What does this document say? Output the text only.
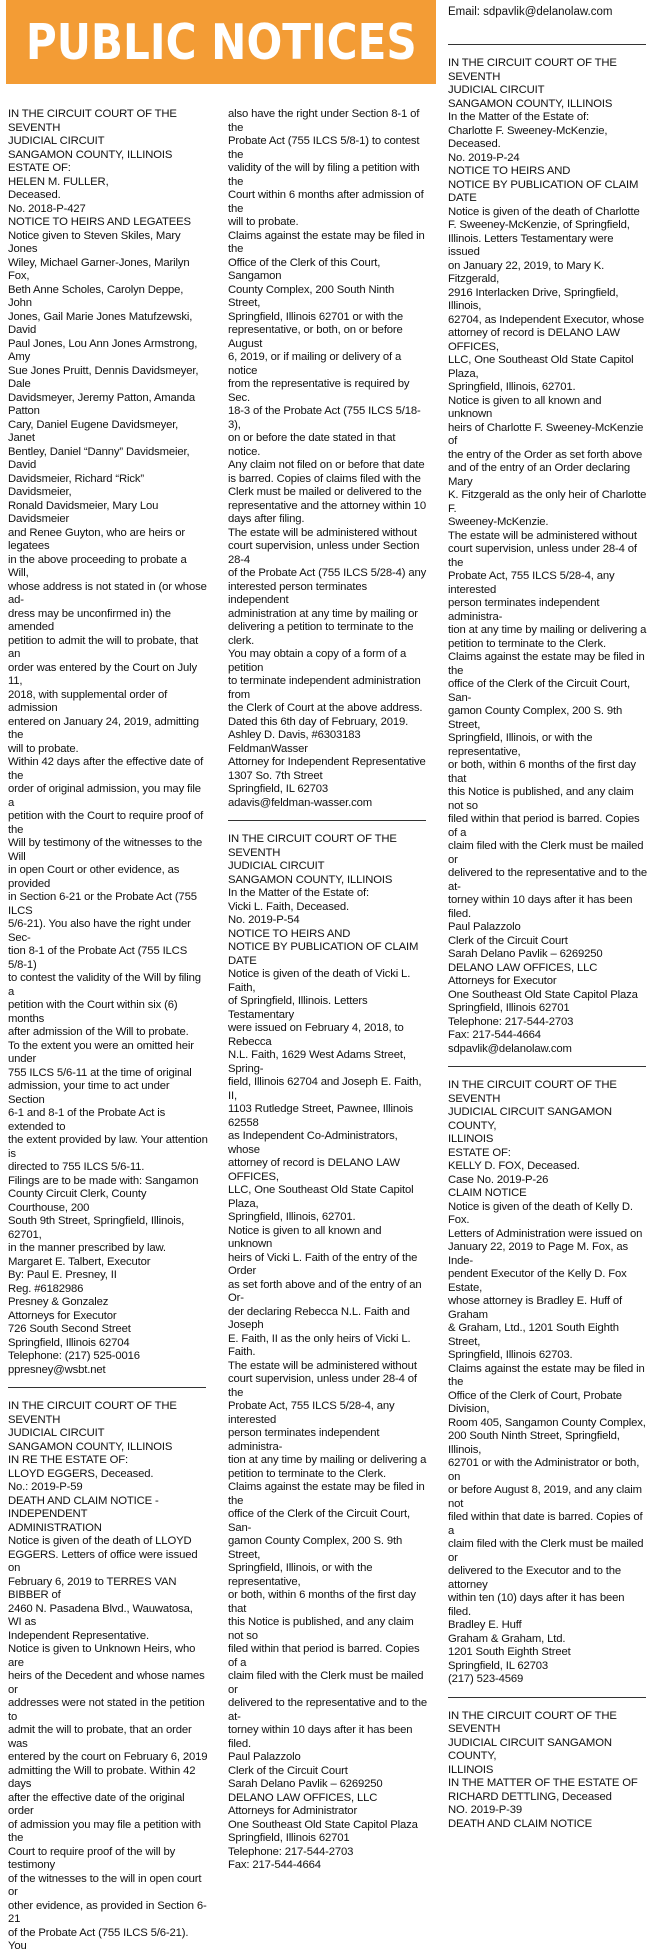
PUBLIC NOTICES
Email: sdpavlik@delanolaw.com

IN THE CIRCUIT COURT OF THE SEVENTH

JUDICIAL CIRCUIT

SANGAMON COUNTY, ILLINOIS

ESTATE OF:

HELEN M. FULLER,

Deceased.

No. 2018-P-427

NOTICE TO HEIRS AND LEGATEES

Notice given to Steven Skiles, Mary Jones

Wiley, Michael Garner-Jones, Marilyn Fox,

Beth Anne Scholes, Carolyn Deppe, John

Jones, Gail Marie Jones Matufzewski, David

Paul Jones, Lou Ann Jones Armstrong, Amy

Sue Jones Pruitt, Dennis Davidsmeyer, Dale

Davidsmeyer, Jeremy Patton, Amanda Patton

Cary, Daniel Eugene Davidsmeyer, Janet

Bentley, Daniel “Danny” Davidsmeier, David

Davidsmeier, Richard “Rick” Davidsmeier,

Ronald Davidsmeier, Mary Lou Davidsmeier

and Renee Guyton, who are heirs or legatees

in the above proceeding to probate a Will,

whose address is not stated in (or whose ad-

dress may be unconfirmed in) the amended

petition to admit the will to probate, that an

order was entered by the Court on July 11,

2018, with supplemental order of admission

entered on January 24, 2019, admitting the

will to probate.

Within 42 days after the effective date of the

order of original admission, you may file a

petition with the Court to require proof of the

Will by testimony of the witnesses to the Will

in open Court or other evidence, as provided

in Section 6-21 or the Probate Act (755 ILCS

5/6-21). You also have the right under Sec-

tion 8-1 of the Probate Act (755 ILCS 5/8-1)

to contest the validity of the Will by filing a

petition with the Court within six (6) months

after admission of the Will to probate.

To the extent you were an omitted heir under

755 ILCS 5/6-11 at the time of original

admission, your time to act under Section

6-1 and 8-1 of the Probate Act is extended to

the extent provided by law. Your attention is

directed to 755 ILCS 5/6-11.

Filings are to be made with: Sangamon

County Circuit Clerk, County Courthouse, 200

South 9th Street, Springfield, Illinois, 62701,

in the manner prescribed by law.

Margaret E. Talbert, Executor

By: Paul E. Presney, II

Reg. #6182986

Presney & Gonzalez

Attorneys for Executor

726 South Second Street

Springfield, Illinois 62704

Telephone: (217) 525-0016

ppresney@wsbt.net

IN THE CIRCUIT COURT OF THE SEVENTH

JUDICIAL CIRCUIT

SANGAMON COUNTY, ILLINOIS

IN RE THE ESTATE OF:

LLOYD EGGERS, Deceased.

No.: 2019-P-59

DEATH AND CLAIM NOTICE - INDEPENDENT

ADMINISTRATION

Notice is given of the death of LLOYD

EGGERS. Letters of office were issued on

February 6, 2019 to TERRES VAN BIBBER of

2460 N. Pasadena Blvd., Wauwatosa, WI as

Independent Representative.

Notice is given to Unknown Heirs, who are

heirs of the Decedent and whose names or

addresses were not stated in the petition to

admit the will to probate, that an order was

entered by the court on February 6, 2019

admitting the Will to probate. Within 42 days

after the effective date of the original order

of admission you may file a petition with the

Court to require proof of the will by testimony

of the witnesses to the will in open court or

other evidence, as provided in Section 6-21

of the Probate Act (755 ILCS 5/6-21). You

also have the right under Section 8-1 of the

Probate Act (755 ILCS 5/8-1) to contest the

validity of the will by filing a petition with the

Court within 6 months after admission of the

will to probate.

Claims against the estate may be filed in the

Office of the Clerk of this Court, Sangamon

County Complex, 200 South Ninth Street,

Springfield, Illinois 62701 or with the

representative, or both, on or before August

6, 2019, or if mailing or delivery of a notice

from the representative is required by Sec.

18-3 of the Probate Act (755 ILCS 5/18-3),

on or before the date stated in that notice.

Any claim not filed on or before that date

is barred. Copies of claims filed with the

Clerk must be mailed or delivered to the

representative and the attorney within 10

days after filing.

The estate will be administered without

court supervision, unless under Section 28-4

of the Probate Act (755 ILCS 5/28-4) any

interested person terminates independent

administration at any time by mailing or

delivering a petition to terminate to the clerk.

You may obtain a copy of a form of a petition

to terminate independent administration from

the Clerk of Court at the above address.

Dated this 6th day of February, 2019.

Ashley D. Davis, #6303183

FeldmanWasser

Attorney for Independent Representative

1307 So. 7th Street

Springfield, IL 62703

adavis@feldman-wasser.com

IN THE CIRCUIT COURT OF THE SEVENTH

JUDICIAL CIRCUIT

SANGAMON COUNTY, ILLINOIS

In the Matter of the Estate of:

Vicki L. Faith, Deceased.

No. 2019-P-54

NOTICE TO HEIRS AND

NOTICE BY PUBLICATION OF CLAIM DATE

Notice is given of the death of Vicki L. Faith,

of Springfield, Illinois. Letters Testamentary

were issued on February 4, 2018, to Rebecca

N.L. Faith, 1629 West Adams Street, Spring-

field, Illinois 62704 and Joseph E. Faith, II,

1103 Rutledge Street, Pawnee, Illinois 62558

as Independent Co-Administrators, whose

attorney of record is DELANO LAW OFFICES,

LLC, One Southeast Old State Capitol Plaza,

Springfield, Illinois, 62701.

Notice is given to all known and unknown

heirs of Vicki L. Faith of the entry of the Order

as set forth above and of the entry of an Or-

der declaring Rebecca N.L. Faith and Joseph

E. Faith, II as the only heirs of Vicki L. Faith.

The estate will be administered without

court supervision, unless under 28-4 of the

Probate Act, 755 ILCS 5/28-4, any interested

person terminates independent administra-

tion at any time by mailing or delivering a

petition to terminate to the Clerk.

Claims against the estate may be filed in the

office of the Clerk of the Circuit Court, San-

gamon County Complex, 200 S. 9th Street,

Springfield, Illinois, or with the representative,

or both, within 6 months of the first day that

this Notice is published, and any claim not so

filed within that period is barred. Copies of a

claim filed with the Clerk must be mailed or

delivered to the representative and to the at-

torney within 10 days after it has been filed.

Paul Palazzolo

Clerk of the Circuit Court

Sarah Delano Pavlik – 6269250

DELANO LAW OFFICES, LLC

Attorneys for Administrator

One Southeast Old State Capitol Plaza

Springfield, Illinois 62701

Telephone: 217-544-2703

Fax: 217-544-4664

IN THE CIRCUIT COURT OF THE SEVENTH

JUDICIAL CIRCUIT

SANGAMON COUNTY, ILLINOIS

In the Matter of the Estate of:

Charlotte F. Sweeney-McKenzie, Deceased.

No. 2019-P-24

NOTICE TO HEIRS AND

NOTICE BY PUBLICATION OF CLAIM DATE

Notice is given of the death of Charlotte

F. Sweeney-McKenzie, of Springfield,

Illinois. Letters Testamentary were issued

on January 22, 2019, to Mary K. Fitzgerald,

2916 Interlacken Drive, Springfield, Illinois,

62704, as Independent Executor, whose

attorney of record is DELANO LAW OFFICES,

LLC, One Southeast Old State Capitol Plaza,

Springfield, Illinois, 62701.

Notice is given to all known and unknown

heirs of Charlotte F. Sweeney-McKenzie of

the entry of the Order as set forth above

and of the entry of an Order declaring Mary

K. Fitzgerald as the only heir of Charlotte F.

Sweeney-McKenzie.

The estate will be administered without

court supervision, unless under 28-4 of the

Probate Act, 755 ILCS 5/28-4, any interested

person terminates independent administra-

tion at any time by mailing or delivering a

petition to terminate to the Clerk.

Claims against the estate may be filed in the

office of the Clerk of the Circuit Court, San-

gamon County Complex, 200 S. 9th Street,

Springfield, Illinois, or with the representative,

or both, within 6 months of the first day that

this Notice is published, and any claim not so

filed within that period is barred. Copies of a

claim filed with the Clerk must be mailed or

delivered to the representative and to the at-

torney within 10 days after it has been filed.

Paul Palazzolo

Clerk of the Circuit Court

Sarah Delano Pavlik – 6269250

DELANO LAW OFFICES, LLC

Attorneys for Executor

One Southeast Old State Capitol Plaza

Springfield, Illinois 62701

Telephone: 217-544-2703

Fax: 217-544-4664

sdpavlik@delanolaw.com

IN THE CIRCUIT COURT OF THE SEVENTH

JUDICIAL CIRCUIT SANGAMON COUNTY,

ILLINOIS

ESTATE OF:

KELLY D. FOX, Deceased.

Case No. 2019-P-26

CLAIM NOTICE

Notice is given of the death of Kelly D. Fox.

Letters of Administration were issued on

January 22, 2019 to Page M. Fox, as Inde-

pendent Executor of the Kelly D. Fox Estate,

whose attorney is Bradley E. Huff of Graham

& Graham, Ltd., 1201 South Eighth Street,

Springfield, Illinois 62703.

Claims against the estate may be filed in the

Office of the Clerk of Court, Probate Division,

Room 405, Sangamon County Complex,

200 South Ninth Street, Springfield, Illinois,

62701 or with the Administrator or both, on

or before August 8, 2019, and any claim not

filed within that date is barred. Copies of a

claim filed with the Clerk must be mailed or

delivered to the Executor and to the attorney

within ten (10) days after it has been filed.

Bradley E. Huff

Graham & Graham, Ltd.

1201 South Eighth Street

Springfield, IL 62703

(217) 523-4569

IN THE CIRCUIT COURT OF THE SEVENTH

JUDICIAL CIRCUIT SANGAMON COUNTY,

ILLINOIS

IN THE MATTER OF THE ESTATE OF

RICHARD DETTLING, Deceased

NO. 2019-P-39

DEATH AND CLAIM NOTICE
